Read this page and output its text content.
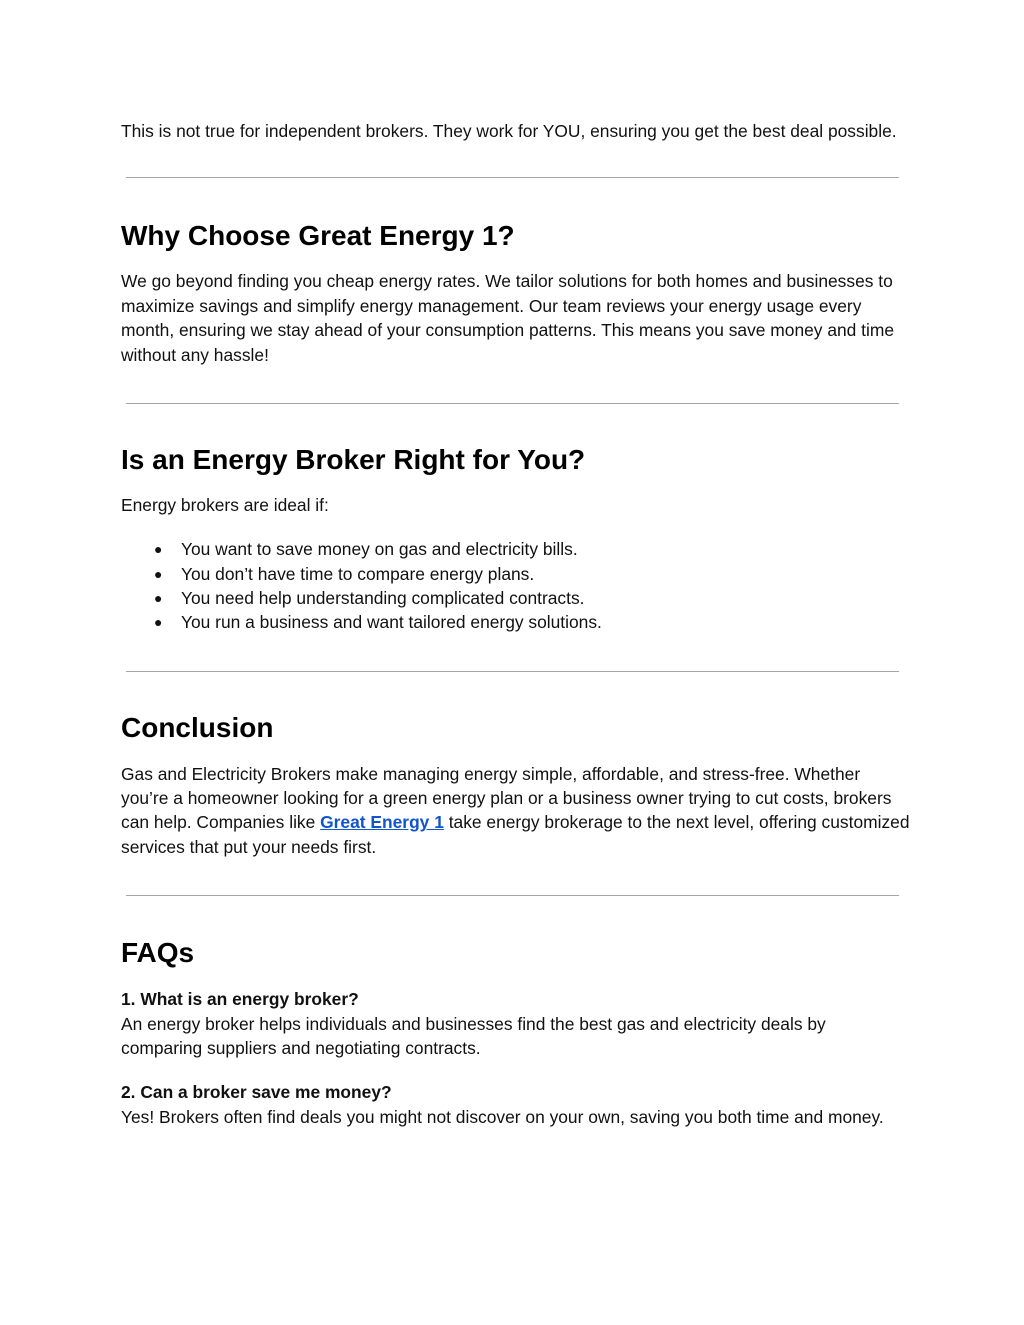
This is not true for independent brokers. They work for YOU, ensuring you get the best deal possible.

Why Choose Great Energy 1?

We go beyond finding you cheap energy rates. We tailor solutions for both homes and businesses to maximize savings and simplify energy management. Our team reviews your energy usage every month, ensuring we stay ahead of your consumption patterns. This means you save money and time without any hassle!

Is an Energy Broker Right for You?

Energy brokers are ideal if:

● You want to save money on gas and electricity bills.
● You don’t have time to compare energy plans.
● You need help understanding complicated contracts.
● You run a business and want tailored energy solutions.
Conclusion

Gas and Electricity Brokers make managing energy simple, affordable, and stress-free. Whether you’re a homeowner looking for a green energy plan or a business owner trying to cut costs, brokers can help. Companies like Great Energy 1 take energy brokerage to the next level, offering customized services that put your needs first.

FAQs

1. What is an energy broker?

An energy broker helps individuals and businesses find the best gas and electricity deals by comparing suppliers and negotiating contracts.

2. Can a broker save me money?

Yes! Brokers often find deals you might not discover on your own, saving you both time and money.
